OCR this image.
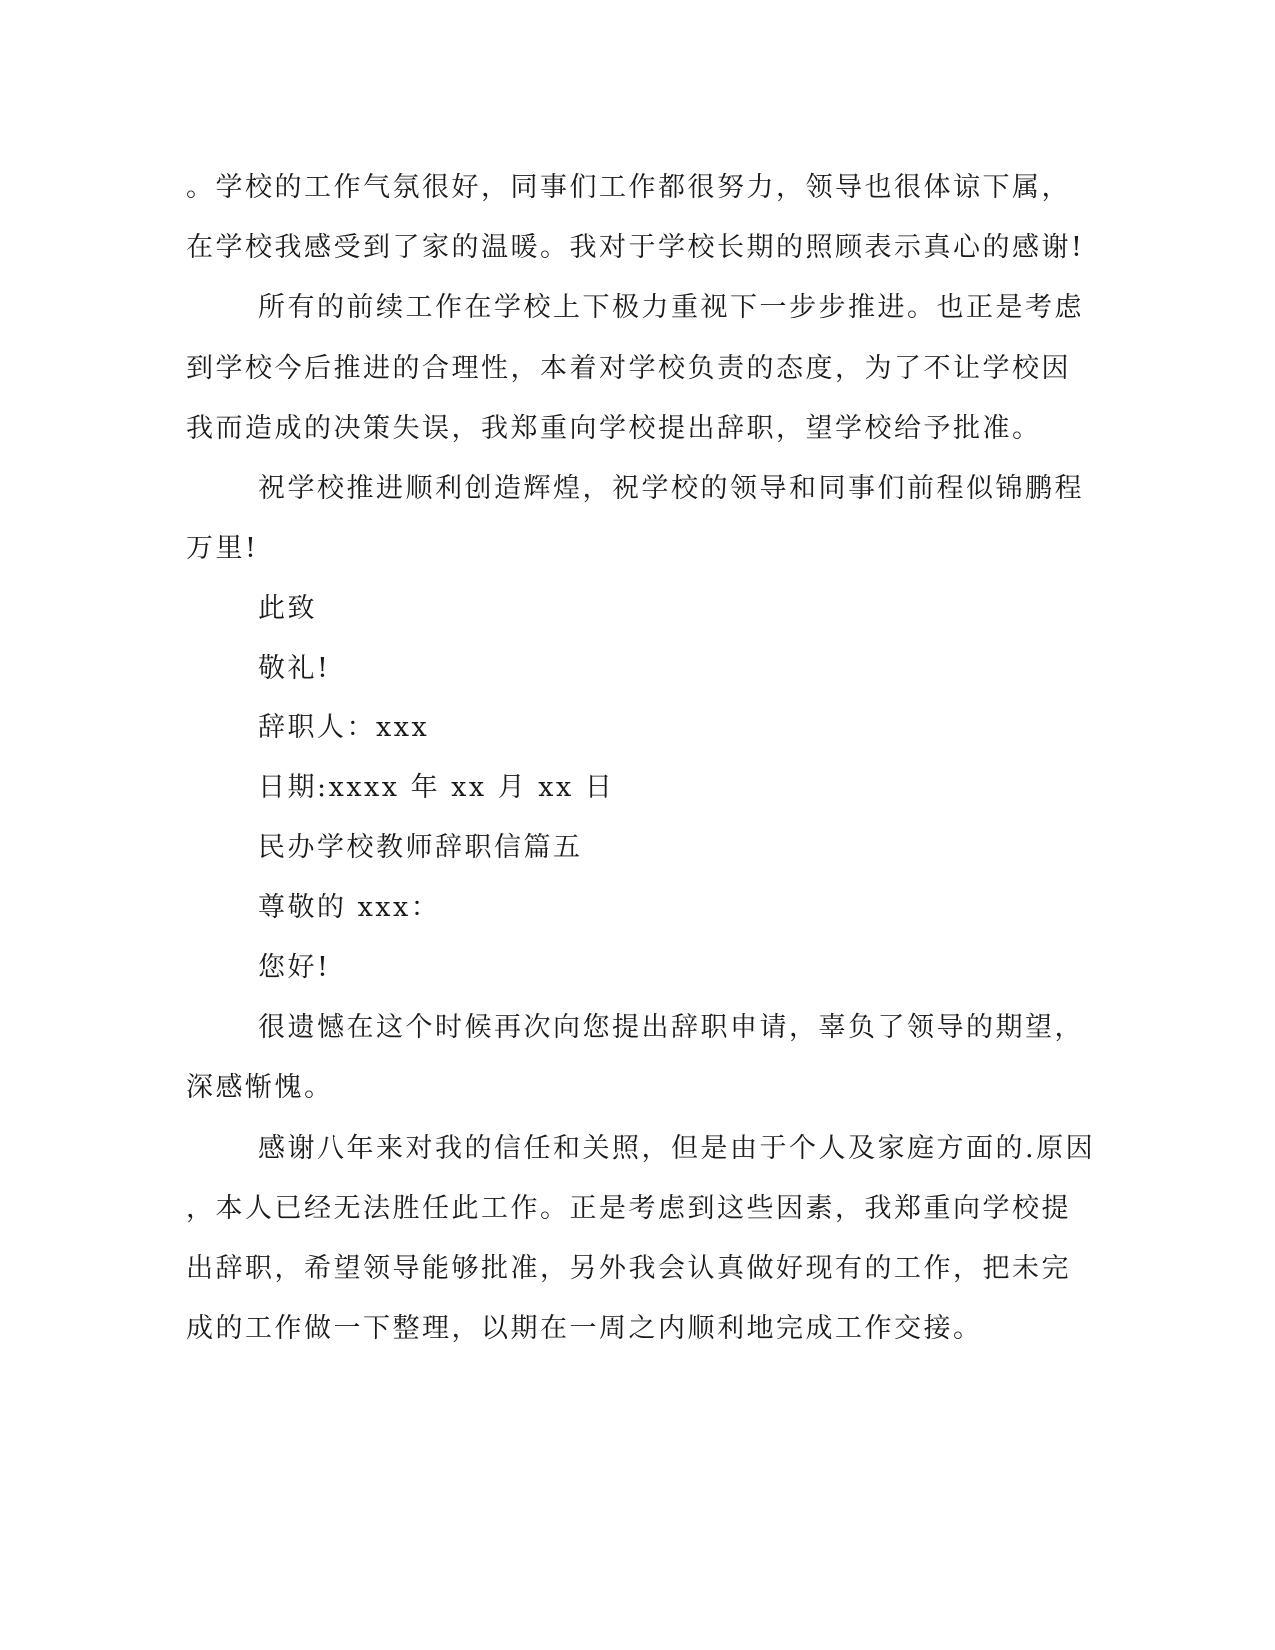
。学校的工作气氛很好，同事们工作都很努力，领导也很体谅下属，
在学校我感受到了家的温暖。我对于学校长期的照顾表示真心的感谢!
所有的前续工作在学校上下极力重视下一步步推进。也正是考虑
到学校今后推进的合理性，本着对学校负责的态度，为了不让学校因
我而造成的决策失误，我郑重向学校提出辞职，望学校给予批准。
祝学校推进顺利创造辉煌，祝学校的领导和同事们前程似锦鹏程
万里!
此致
敬礼!
辞职人：xxx
日期:xxxx 年 xx 月 xx 日
民办学校教师辞职信篇五
尊敬的 xxx：
您好!
很遗憾在这个时候再次向您提出辞职申请，辜负了领导的期望，
深感惭愧。
感谢八年来对我的信任和关照，但是由于个人及家庭方面的.原因
，本人已经无法胜任此工作。正是考虑到这些因素，我郑重向学校提
出辞职，希望领导能够批准，另外我会认真做好现有的工作，把未完
成的工作做一下整理，以期在一周之内顺利地完成工作交接。
